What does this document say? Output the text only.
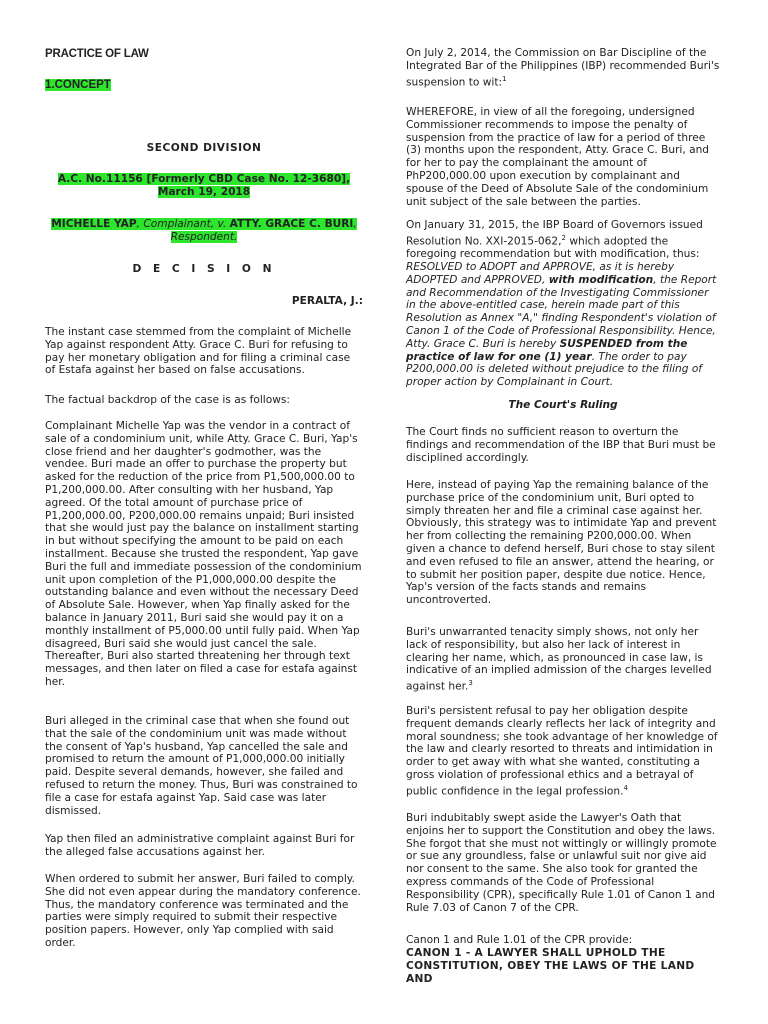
PRACTICE OF LAW
1.CONCEPT

SECOND DIVISION

A.C. No.11156 [Formerly CBD Case No. 12-3680], March 19, 2018

MICHELLE YAP, Complainant, v. ATTY. GRACE C. BURI, Respondent.

D E C I S I O N

PERALTA, J.:

The instant case stemmed from the complaint of Michelle Yap against respondent Atty. Grace C. Buri for refusing to pay her monetary obligation and for filing a criminal case of Estafa against her based on false accusations.

The factual backdrop of the case is as follows:

Complainant Michelle Yap was the vendor in a contract of sale of a condominium unit, while Atty. Grace C. Buri, Yap's close friend and her daughter's godmother, was the vendee. Buri made an offer to purchase the property but asked for the reduction of the price from P1,500,000.00 to P1,200,000.00. After consulting with her husband, Yap agreed. Of the total amount of purchase price of P1,200,000.00, P200,000.00 remains unpaid; Buri insisted that she would just pay the balance on installment starting in but without specifying the amount to be paid on each installment. Because she trusted the respondent, Yap gave Buri the full and immediate possession of the condominium unit upon completion of the P1,000,000.00 despite the outstanding balance and even without the necessary Deed of Absolute Sale. However, when Yap finally asked for the balance in January 2011, Buri said she would pay it on a monthly installment of P5,000.00 until fully paid. When Yap disagreed, Buri said she would just cancel the sale. Thereafter, Buri also started threatening her through text messages, and then later on filed a case for estafa against her.

Buri alleged in the criminal case that when she found out that the sale of the condominium unit was made without the consent of Yap's husband, Yap cancelled the sale and promised to return the amount of P1,000,000.00 initially paid. Despite several demands, however, she failed and refused to return the money. Thus, Buri was constrained to file a case for estafa against Yap. Said case was later dismissed.

Yap then filed an administrative complaint against Buri for the alleged false accusations against her.

When ordered to submit her answer, Buri failed to comply. She did not even appear during the mandatory conference. Thus, the mandatory conference was terminated and the parties were simply required to submit their respective position papers. However, only Yap complied with said order.

On July 2, 2014, the Commission on Bar Discipline of the Integrated Bar of the Philippines (IBP) recommended Buri's suspension to wit:$^1$

WHEREFORE, in view of all the foregoing, undersigned Commissioner recommends to impose the penalty of suspension from the practice of law for a period of three (3) months upon the respondent, Atty. Grace C. Buri, and for her to pay the complainant the amount of PhP200,000.00 upon execution by complainant and spouse of the Deed of Absolute Sale of the condominium unit subject of the sale between the parties.

On January 31, 2015, the IBP Board of Governors issued Resolution No. XXI-2015-062,$^2$ which adopted the foregoing recommendation but with modification, thus:
RESOLVED to ADOPT and APPROVE, as it is hereby ADOPTED and APPROVED, with modification, the Report and Recommendation of the Investigating Commissioner in the above-entitled case, herein made part of this Resolution as Annex "A," finding Respondent's violation of Canon 1 of the Code of Professional Responsibility. Hence, Atty. Grace C. Buri is hereby SUSPENDED from the practice of law for one (1) year. The order to pay P200,000.00 is deleted without prejudice to the filing of proper action by Complainant in Court.

The Court's Ruling

The Court finds no sufficient reason to overturn the findings and recommendation of the IBP that Buri must be disciplined accordingly.

Here, instead of paying Yap the remaining balance of the purchase price of the condominium unit, Buri opted to simply threaten her and file a criminal case against her. Obviously, this strategy was to intimidate Yap and prevent her from collecting the remaining P200,000.00. When given a chance to defend herself, Buri chose to stay silent and even refused to file an answer, attend the hearing, or to submit her position paper, despite due notice. Hence, Yap's version of the facts stands and remains uncontroverted.

Buri's unwarranted tenacity simply shows, not only her lack of responsibility, but also her lack of interest in clearing her name, which, as pronounced in case law, is indicative of an implied admission of the charges levelled against her.$^3$

Buri's persistent refusal to pay her obligation despite frequent demands clearly reflects her lack of integrity and moral soundness; she took advantage of her knowledge of the law and clearly resorted to threats and intimidation in order to get away with what she wanted, constituting a gross violation of professional ethics and a betrayal of public confidence in the legal profession.$^4$

Buri indubitably swept aside the Lawyer's Oath that enjoins her to support the Constitution and obey the laws. She forgot that she must not wittingly or willingly promote or sue any groundless, false or unlawful suit nor give aid nor consent to the same. She also took for granted the express commands of the Code of Professional Responsibility (CPR), specifically Rule 1.01 of Canon 1 and Rule 7.03 of Canon 7 of the CPR.

Canon 1 and Rule 1.01 of the CPR provide:

CANON 1 - A LAWYER SHALL UPHOLD THE CONSTITUTION, OBEY THE LAWS OF THE LAND AND
